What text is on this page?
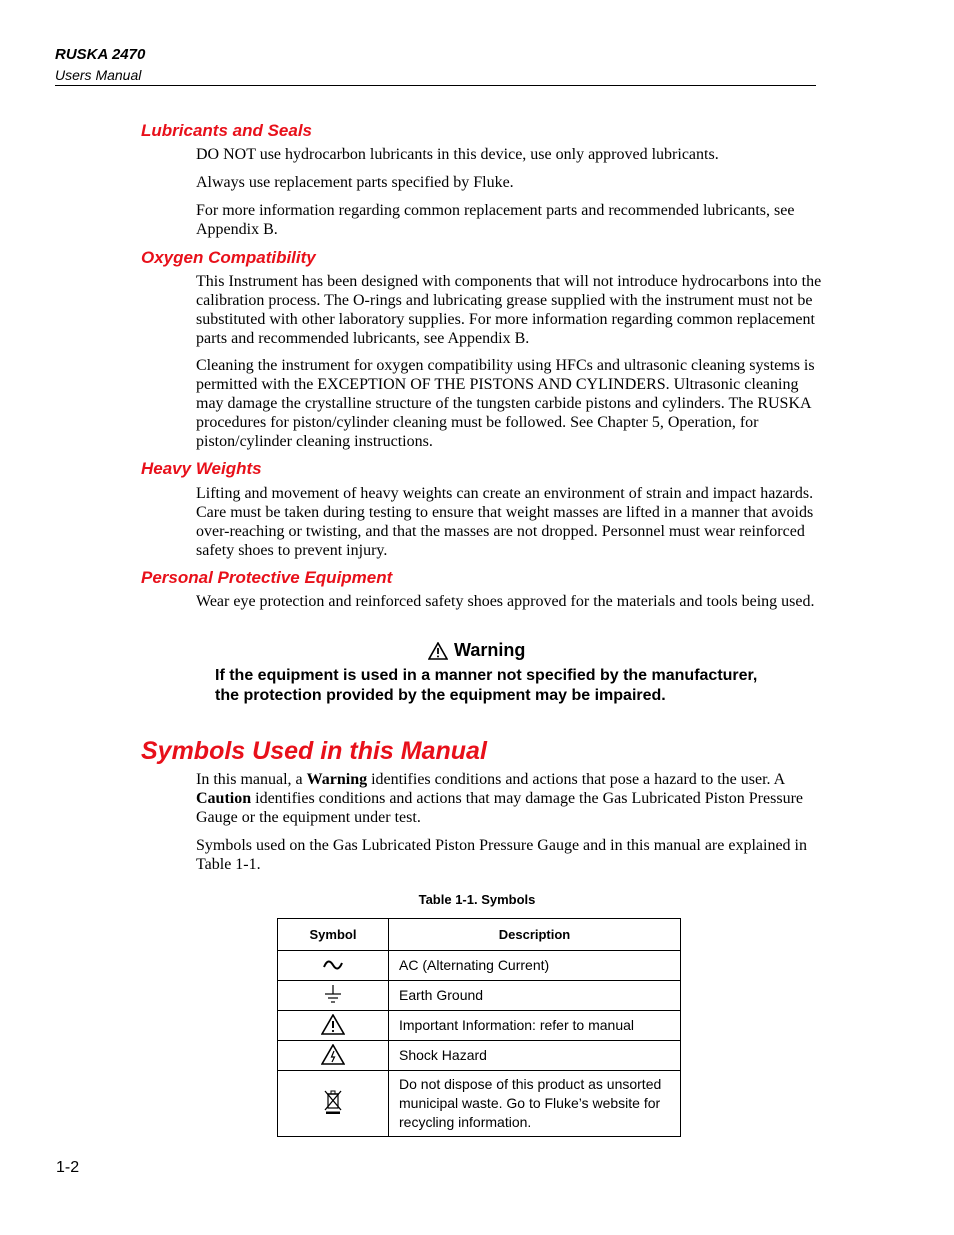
RUSKA 2470
Users Manual
Lubricants and Seals

DO NOT use hydrocarbon lubricants in this device, use only approved lubricants.

Always use replacement parts specified by Fluke.

For more information regarding common replacement parts and recommended lubricants, see Appendix B.

Oxygen Compatibility

This Instrument has been designed with components that will not introduce hydrocarbons into the calibration process. The O-rings and lubricating grease supplied with the instrument must not be substituted with other laboratory supplies. For more information regarding common replacement parts and recommended lubricants, see Appendix B.

Cleaning the instrument for oxygen compatibility using HFCs and ultrasonic cleaning systems is permitted with the EXCEPTION OF THE PISTONS AND CYLINDERS. Ultrasonic cleaning may damage the crystalline structure of the tungsten carbide pistons and cylinders. The RUSKA procedures for piston/cylinder cleaning must be followed. See Chapter 5, Operation, for piston/cylinder cleaning instructions.

Heavy Weights

Lifting and movement of heavy weights can create an environment of strain and impact hazards. Care must be taken during testing to ensure that weight masses are lifted in a manner that avoids over-reaching or twisting, and that the masses are not dropped. Personnel must wear reinforced safety shoes to prevent injury.

Personal Protective Equipment

Wear eye protection and reinforced safety shoes approved for the materials and tools being used.

Warning

If the equipment is used in a manner not specified by the manufacturer, the protection provided by the equipment may be impaired.

Symbols Used in this Manual

In this manual, a Warning identifies conditions and actions that pose a hazard to the user. A Caution identifies conditions and actions that may damage the Gas Lubricated Piston Pressure Gauge or the equipment under test.

Symbols used on the Gas Lubricated Piston Pressure Gauge and in this manual are explained in Table 1-1.

Table 1-1. Symbols
Symbol	Description
	AC (Alternating Current)
	Earth Ground
	Important Information: refer to manual
	Shock Hazard
	Do not dispose of this product as unsorted municipal waste. Go to Fluke’s website for recycling information.
1-2
